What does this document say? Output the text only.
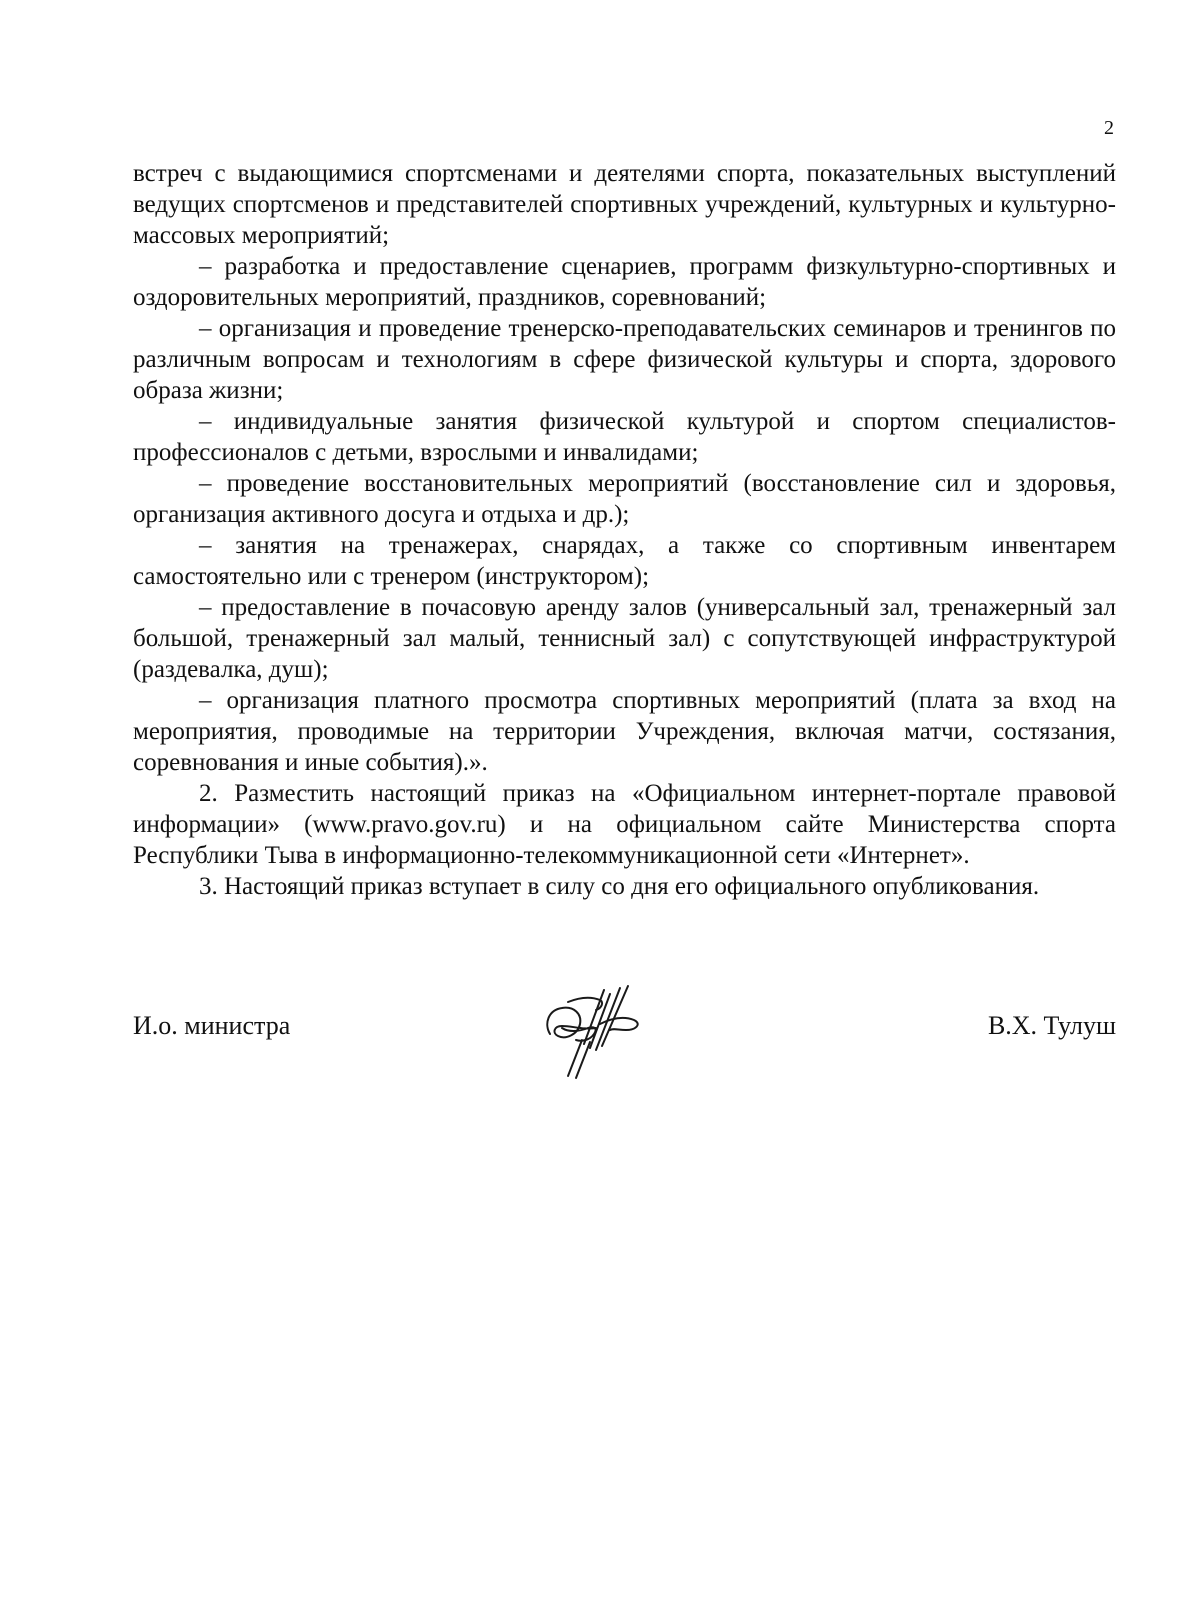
2

встреч с выдающимися спортсменами и деятелями спорта, показательных выступлений ведущих спортсменов и представителей спортивных учреждений, культурных и культурно-массовых мероприятий;

– разработка и предоставление сценариев, программ физкультурно-спортивных и оздоровительных мероприятий, праздников, соревнований;

– организация и проведение тренерско-преподавательских семинаров и тренингов по различным вопросам и технологиям в сфере физической культуры и спорта, здорового образа жизни;

– индивидуальные занятия физической культурой и спортом специалистов-профессионалов с детьми, взрослыми и инвалидами;

– проведение восстановительных мероприятий (восстановление сил и здоровья, организация активного досуга и отдыха и др.);

– занятия на тренажерах, снарядах, а также со спортивным инвентарем самостоятельно или с тренером (инструктором);

– предоставление в почасовую аренду залов (универсальный зал, тренажерный зал большой, тренажерный зал малый, теннисный зал) с сопутствующей инфраструктурой (раздевалка, душ);

– организация платного просмотра спортивных мероприятий (плата за вход на мероприятия, проводимые на территории Учреждения, включая матчи, состязания, соревнования и иные события).».

2. Разместить настоящий приказ на «Официальном интернет-портале правовой информации» (www.pravo.gov.ru) и на официальном сайте Министерства спорта Республики Тыва в информационно-телекоммуникационной сети «Интернет».

3. Настоящий приказ вступает в силу со дня его официального опубликования.

И.о. министра	В.Х. Тулуш
